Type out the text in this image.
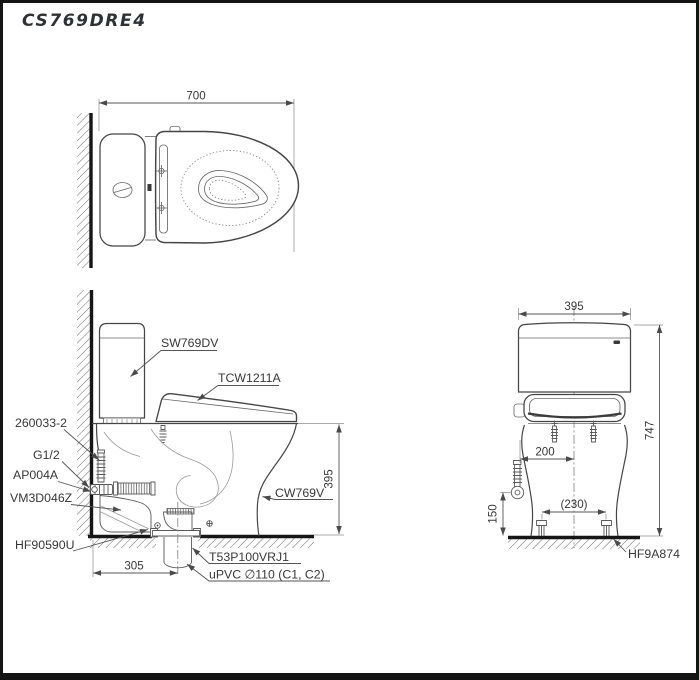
CS769DRE4
700
395
305
SW769DV
TCW1211A
260033-2
G1/2
AP004A
VM3D046Z
HF90590U
CW769V
T53P100VRJ1
uPVC ∅110 (C1, C2)
395
200
(230)
150
747
HF9A874
